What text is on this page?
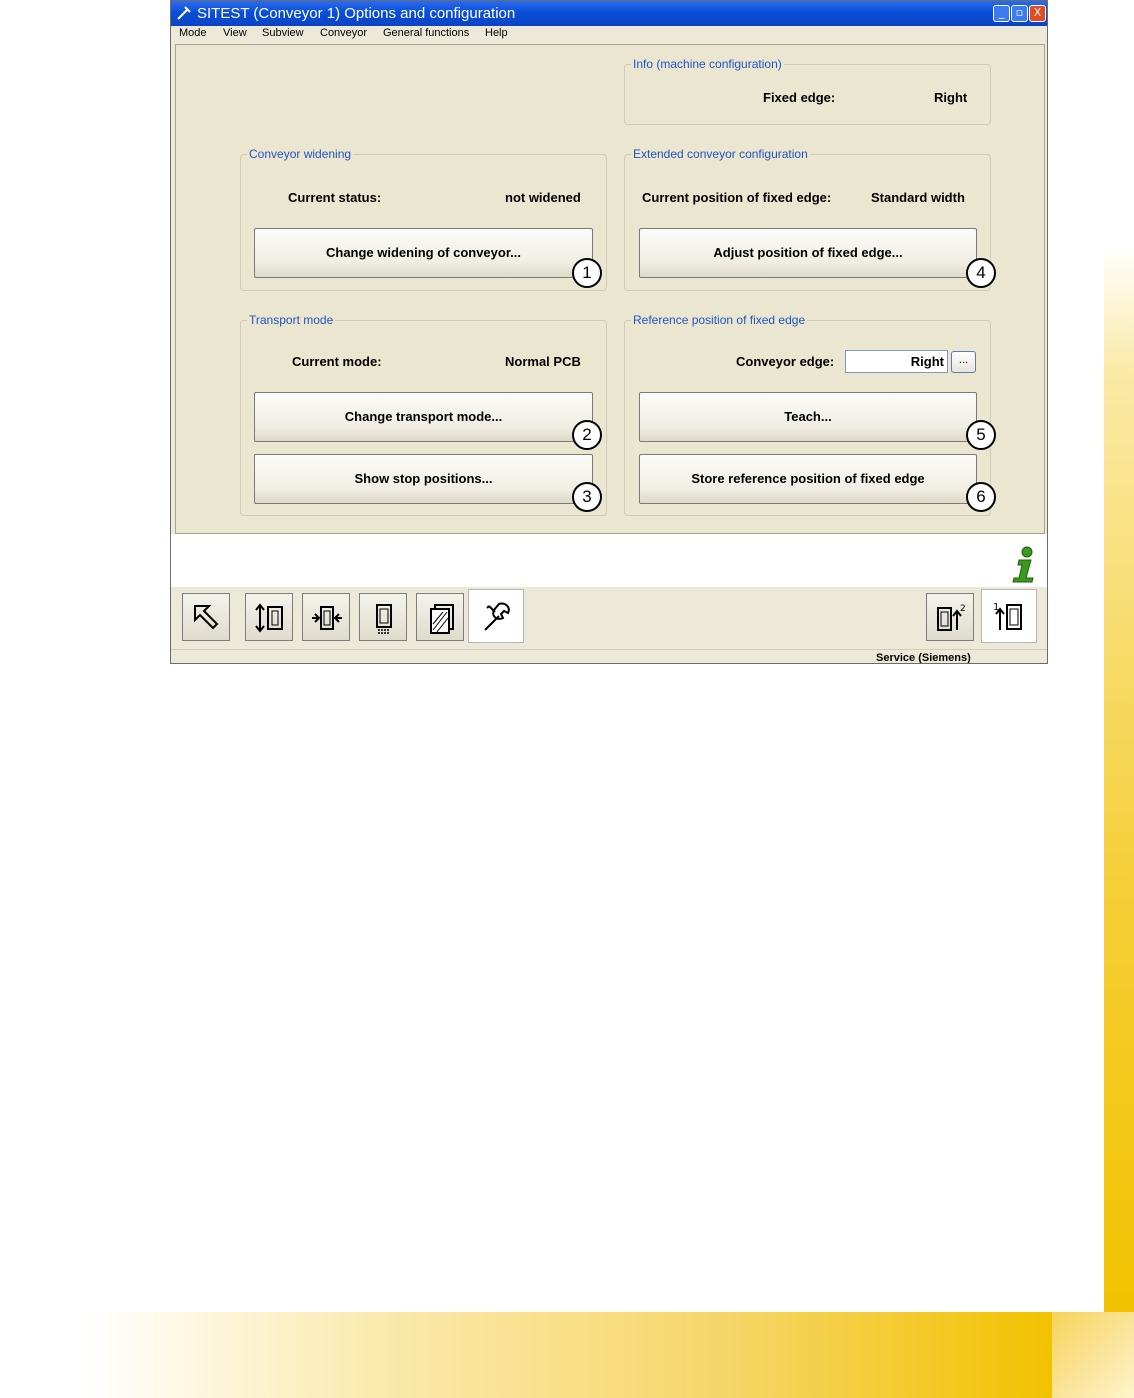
SITEST (Conveyor 1) Options and configuration	_	▫ X
Mode View Subview Conveyor General functions Help
Info (machine configuration)
Fixed edge:	Right
Conveyor widening
Current status:	not widened
Change widening of conveyor...
1
Extended conveyor configuration
Current position of fixed edge:	Standard width
Adjust position of fixed edge...
4
Transport mode
Current mode:	Normal PCB
Change transport mode...
2
Show stop positions...
3
Reference position of fixed edge
Conveyor edge:	Right	...
Teach...
5
Store reference position of fixed edge
6
2	1
Service (Siemens)
